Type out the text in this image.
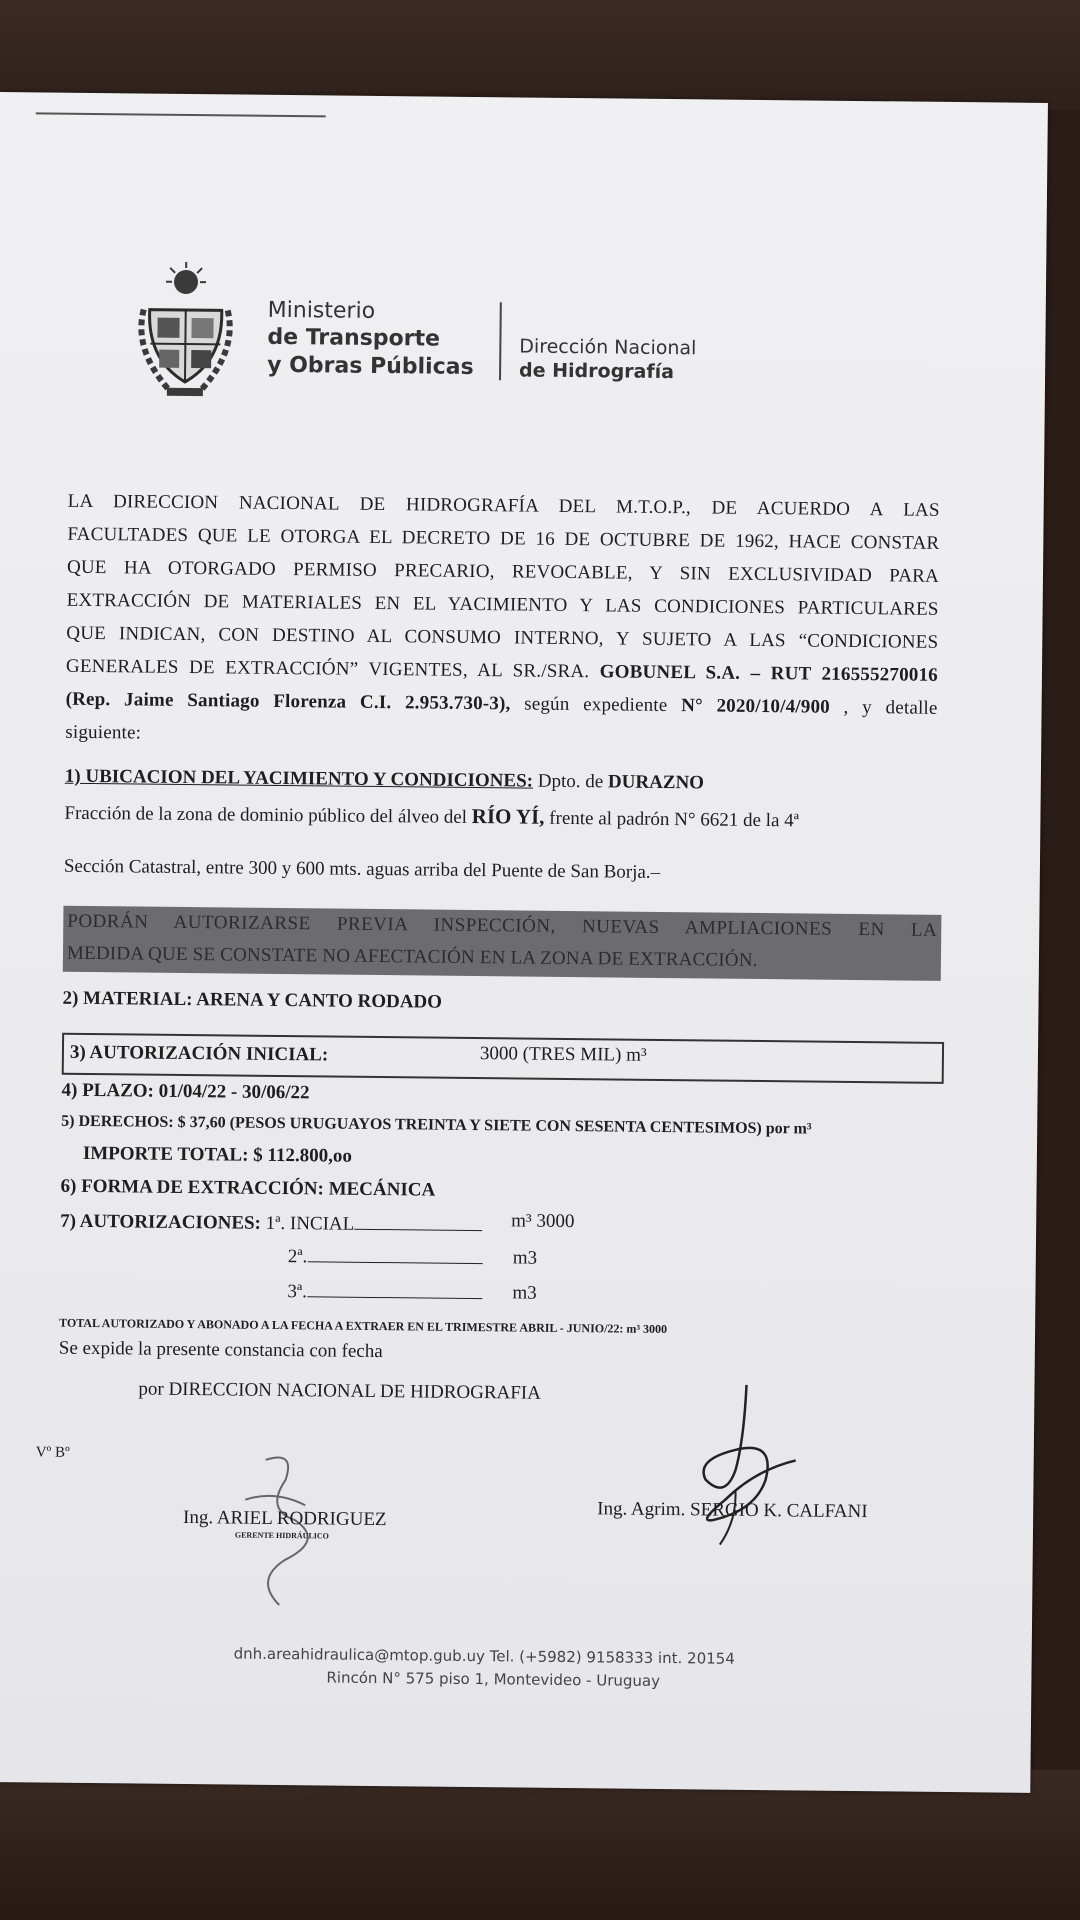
Ministerio
de Transporte
y Obras Públicas
Dirección Nacional
de Hidrografía
LA DIRECCION NACIONAL DE HIDROGRAFÍA DEL M.T.O.P., DE ACUERDO A LAS
FACULTADES QUE LE OTORGA EL DECRETO DE 16 DE OCTUBRE DE 1962, HACE CONSTAR
QUE HA OTORGADO PERMISO PRECARIO, REVOCABLE, Y SIN EXCLUSIVIDAD PARA
EXTRACCIÓN DE MATERIALES EN EL YACIMIENTO Y LAS CONDICIONES PARTICULARES
QUE INDICAN, CON DESTINO AL CONSUMO INTERNO, Y SUJETO A LAS “CONDICIONES
GENERALES DE EXTRACCIÓN” VIGENTES, AL SR./SRA. GOBUNEL S.A. – RUT 216555270016
(Rep. Jaime Santiago Florenza C.I. 2.953.730-3), según expediente N° 2020/10/4/900 , y detalle
siguiente:
1) UBICACION DEL YACIMIENTO Y CONDICIONES: Dpto. de DURAZNO
Fracción de la zona de dominio público del álveo del RÍO YÍ, frente al padrón N° 6621 de la 4ª
Sección Catastral, entre 300 y 600 mts. aguas arriba del Puente de San Borja.–
PODRÁN AUTORIZARSE PREVIA INSPECCIÓN, NUEVAS AMPLIACIONES EN LA
MEDIDA QUE SE CONSTATE NO AFECTACIÓN EN LA ZONA DE EXTRACCIÓN.
2) MATERIAL: ARENA Y CANTO RODADO
3) AUTORIZACIÓN INICIAL:	3000 (TRES MIL) m³
4) PLAZO: 01/04/22 - 30/06/22
5) DERECHOS: $ 37,60 (PESOS URUGUAYOS TREINTA Y SIETE CON SESENTA CENTESIMOS) por m³
IMPORTE TOTAL: $ 112.800,oo
6) FORMA DE EXTRACCIÓN: MECÁNICA
7) AUTORIZACIONES: 1ª. INCIAL	m³ 3000
2ª.	m3
3ª.	m3
TOTAL AUTORIZADO Y ABONADO A LA FECHA A EXTRAER EN EL TRIMESTRE ABRIL - JUNIO/22: m³ 3000
Se expide la presente constancia con fecha
por DIRECCION NACIONAL DE HIDROGRAFIA
Vº Bº
Ing. ARIEL RODRIGUEZ
GERENTE HIDRÁULICO
Ing. Agrim. SERGIO K. CALFANI
dnh.areahidraulica@mtop.gub.uy Tel. (+5982) 9158333 int. 20154
Rincón N° 575 piso 1, Montevideo - Uruguay
